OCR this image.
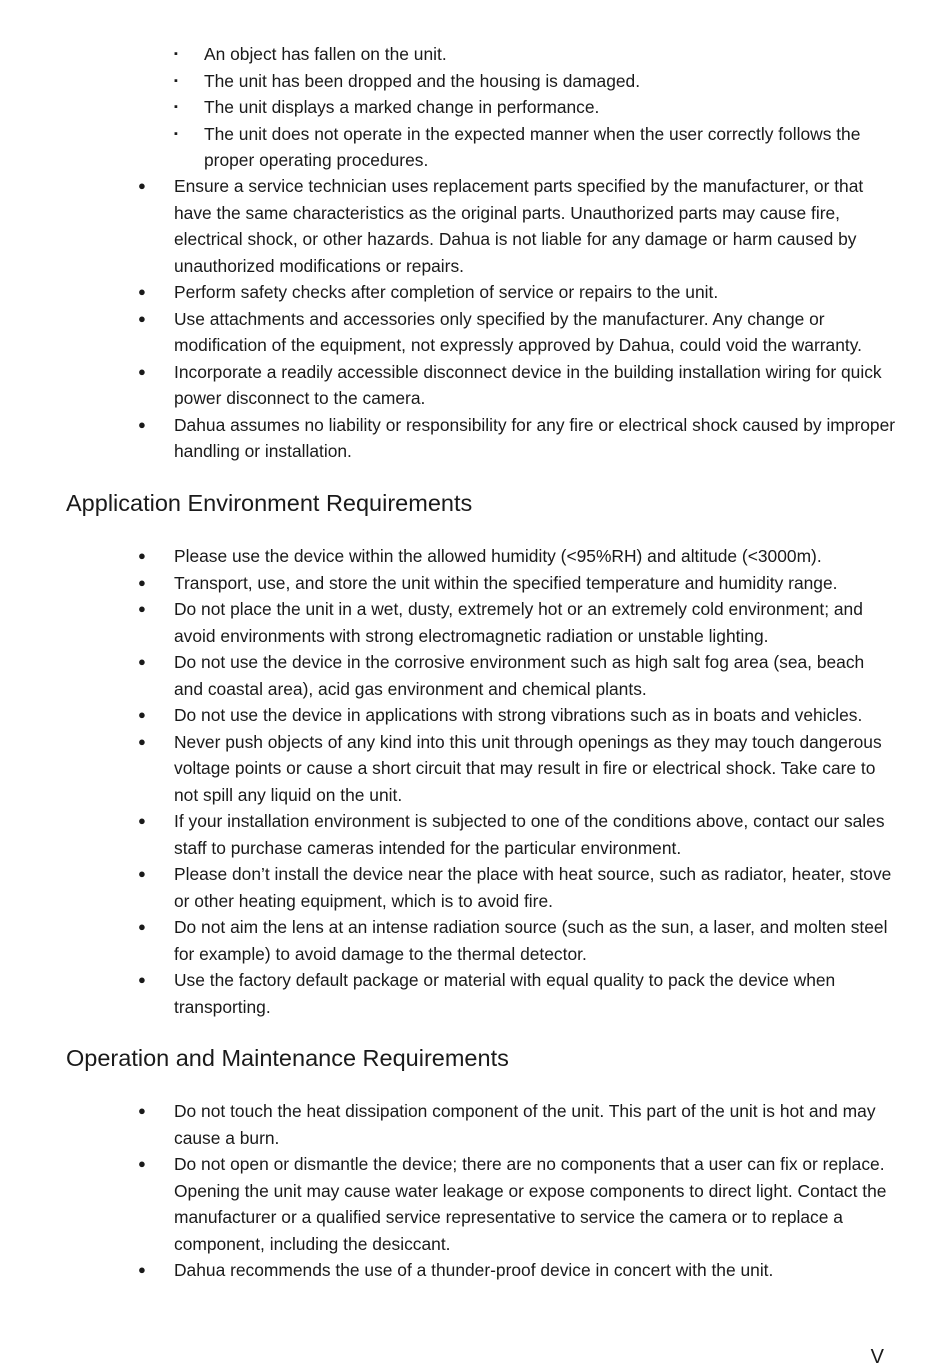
▪ An object has fallen on the unit.
▪ The unit has been dropped and the housing is damaged.
▪ The unit displays a marked change in performance.
▪ The unit does not operate in the expected manner when the user correctly follows the proper operating procedures.
● Ensure a service technician uses replacement parts specified by the manufacturer, or that have the same characteristics as the original parts. Unauthorized parts may cause fire, electrical shock, or other hazards. Dahua is not liable for any damage or harm caused by unauthorized modifications or repairs.
● Perform safety checks after completion of service or repairs to the unit.
● Use attachments and accessories only specified by the manufacturer. Any change or modification of the equipment, not expressly approved by Dahua, could void the warranty.
● Incorporate a readily accessible disconnect device in the building installation wiring for quick power disconnect to the camera.
● Dahua assumes no liability or responsibility for any fire or electrical shock caused by improper handling or installation.
Application Environment Requirements
● Please use the device within the allowed humidity (<95%RH) and altitude (<3000m).
● Transport, use, and store the unit within the specified temperature and humidity range.
● Do not place the unit in a wet, dusty, extremely hot or an extremely cold environment; and avoid environments with strong electromagnetic radiation or unstable lighting.
● Do not use the device in the corrosive environment such as high salt fog area (sea, beach and coastal area), acid gas environment and chemical plants.
● Do not use the device in applications with strong vibrations such as in boats and vehicles.
● Never push objects of any kind into this unit through openings as they may touch dangerous voltage points or cause a short circuit that may result in fire or electrical shock. Take care to not spill any liquid on the unit.
● If your installation environment is subjected to one of the conditions above, contact our sales staff to purchase cameras intended for the particular environment.
● Please don’t install the device near the place with heat source, such as radiator, heater, stove or other heating equipment, which is to avoid fire.
● Do not aim the lens at an intense radiation source (such as the sun, a laser, and molten steel for example) to avoid damage to the thermal detector.
● Use the factory default package or material with equal quality to pack the device when transporting.
Operation and Maintenance Requirements
● Do not touch the heat dissipation component of the unit. This part of the unit is hot and may cause a burn.
● Do not open or dismantle the device; there are no components that a user can fix or replace. Opening the unit may cause water leakage or expose components to direct light. Contact the manufacturer or a qualified service representative to service the camera or to replace a component, including the desiccant.
● Dahua recommends the use of a thunder-proof device in concert with the unit.
V
